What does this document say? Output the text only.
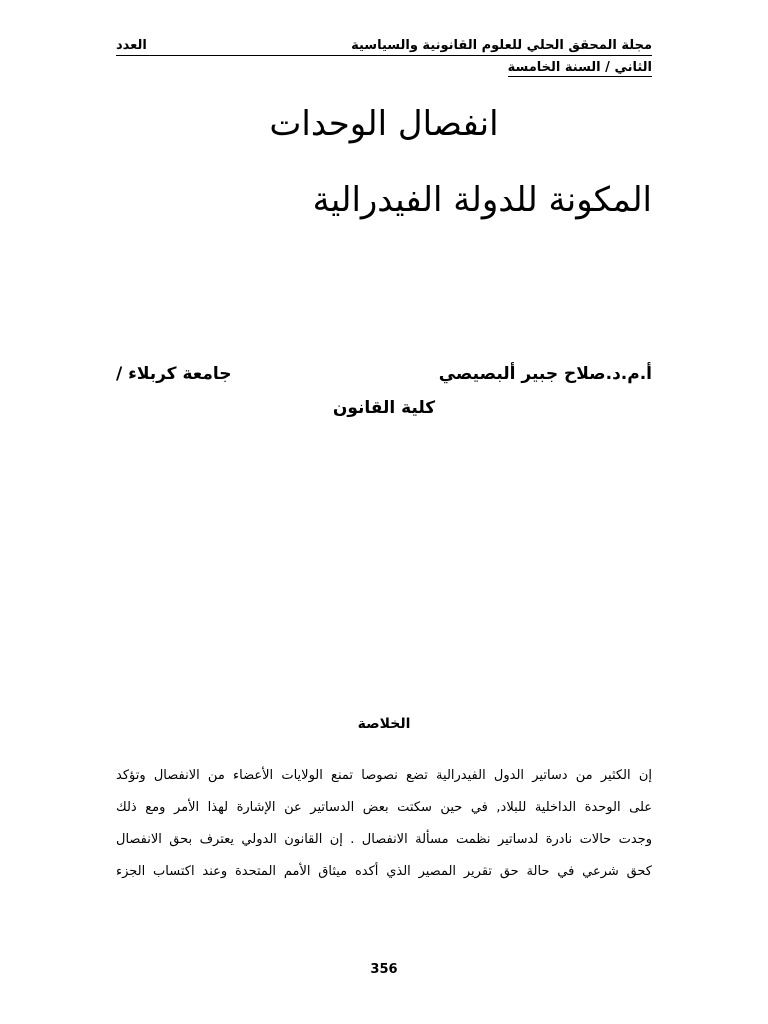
مجلة المحقق الحلي للعلوم القانونية والسياسية
العدد
الثاني / السنة الخامسة
انفصال الوحدات
المكونة للدولة الفيدرالية
أ.م.د.صلاح جبير ألبصيصي
جامعة كربلاء /
كلية القانون
الخلاصة

إن الكثير من دساتير الدول الفيدرالية تضع نصوصا تمنع الولايات الأعضاء من الانفصال وتؤكد

على الوحدة الداخلية للبلاد, في حين سكتت بعض الدساتير عن الإشارة لهذا الأمر ومع ذلك

وجدت حالات نادرة لدساتير نظمت مسألة الانفصال . إن القانون الدولي يعترف بحق الانفصال

كحق شرعي في حالة حق تقرير المصير الذي أكده ميثاق الأمم المتحدة وعند اكتساب الجزء

356
